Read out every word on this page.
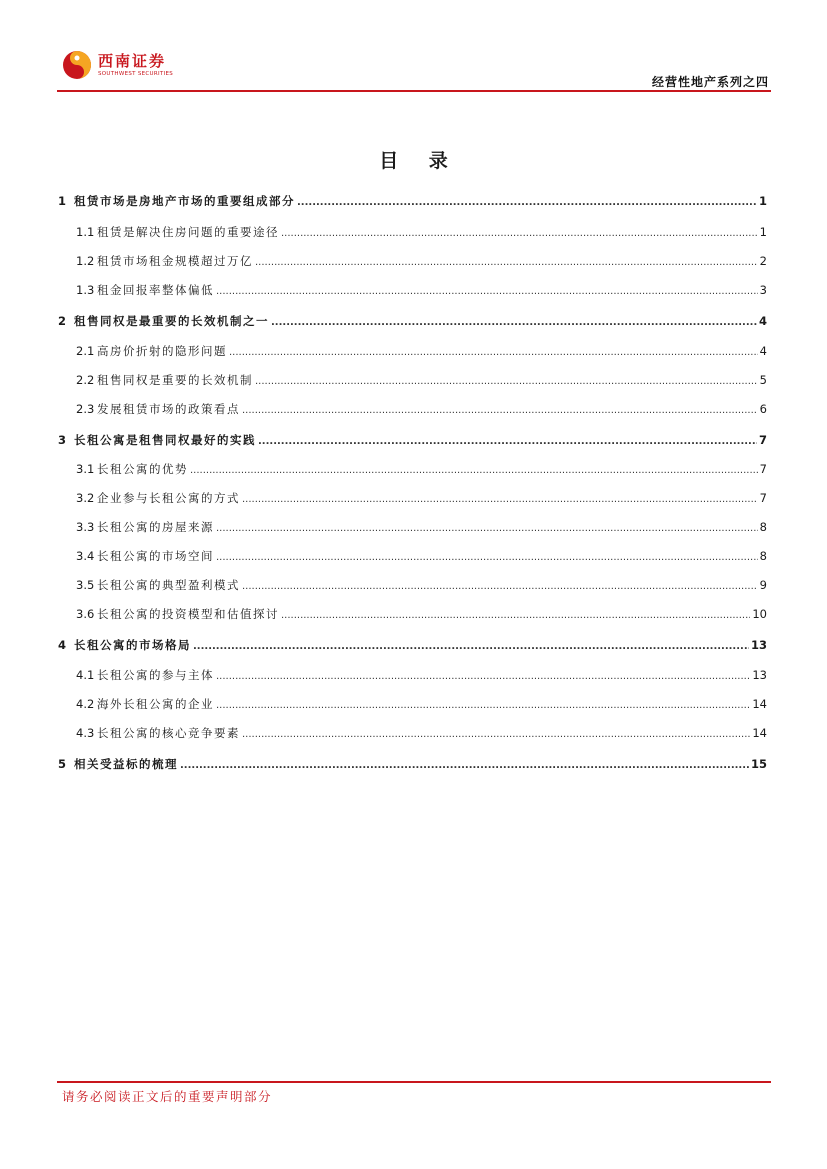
西南证券
SOUTHWEST SECURITIES
经营性地产系列之四
目 录
1 租赁市场是房地产市场的重要组成部分 .....	1
1.1 租赁是解决住房问题的重要途径 .....	1
1.2 租赁市场租金规模超过万亿 .....	2
1.3 租金回报率整体偏低 .....	3
2 租售同权是最重要的长效机制之一 .....	4
2.1 高房价折射的隐形问题 .....	4
2.2 租售同权是重要的长效机制 .....	5
2.3 发展租赁市场的政策看点 .....	6
3 长租公寓是租售同权最好的实践 .....	7
3.1 长租公寓的优势 .....	7
3.2 企业参与长租公寓的方式 .....	7
3.3 长租公寓的房屋来源 .....	8
3.4 长租公寓的市场空间 .....	8
3.5 长租公寓的典型盈利模式 .....	9
3.6 长租公寓的投资模型和估值探讨 .....	10
4 长租公寓的市场格局 .....	13
4.1 长租公寓的参与主体 .....	13
4.2 海外长租公寓的企业 .....	14
4.3 长租公寓的核心竞争要素 .....	14
5 相关受益标的梳理 .....	15
请务必阅读正文后的重要声明部分
